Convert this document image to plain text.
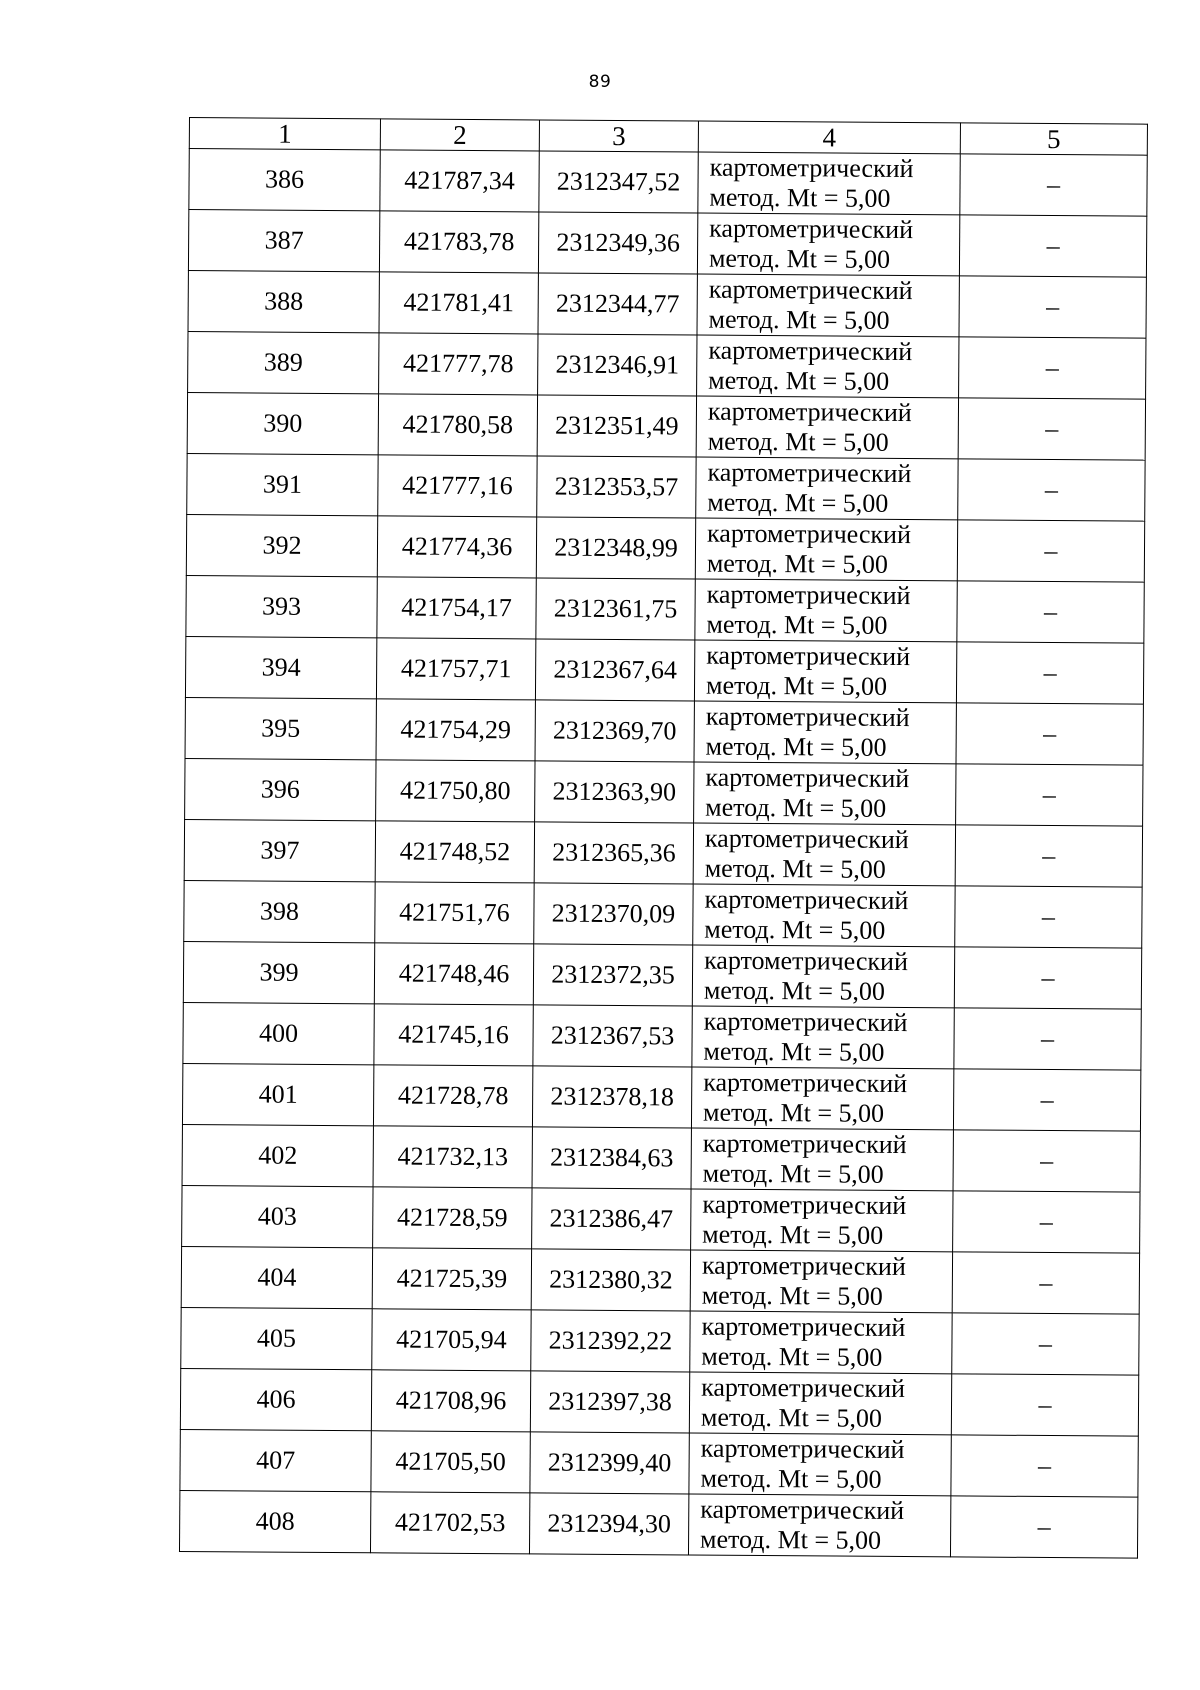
89
1	2	3	4	5
386	421787,34	2312347,52	картометрический
метод. Mt = 5,00	–
387	421783,78	2312349,36	картометрический
метод. Mt = 5,00	–
388	421781,41	2312344,77	картометрический
метод. Mt = 5,00	–
389	421777,78	2312346,91	картометрический
метод. Mt = 5,00	–
390	421780,58	2312351,49	картометрический
метод. Mt = 5,00	–
391	421777,16	2312353,57	картометрический
метод. Mt = 5,00	–
392	421774,36	2312348,99	картометрический
метод. Mt = 5,00	–
393	421754,17	2312361,75	картометрический
метод. Mt = 5,00	–
394	421757,71	2312367,64	картометрический
метод. Mt = 5,00	–
395	421754,29	2312369,70	картометрический
метод. Mt = 5,00	–
396	421750,80	2312363,90	картометрический
метод. Mt = 5,00	–
397	421748,52	2312365,36	картометрический
метод. Mt = 5,00	–
398	421751,76	2312370,09	картометрический
метод. Mt = 5,00	–
399	421748,46	2312372,35	картометрический
метод. Mt = 5,00	–
400	421745,16	2312367,53	картометрический
метод. Mt = 5,00	–
401	421728,78	2312378,18	картометрический
метод. Mt = 5,00	–
402	421732,13	2312384,63	картометрический
метод. Mt = 5,00	–
403	421728,59	2312386,47	картометрический
метод. Mt = 5,00	–
404	421725,39	2312380,32	картометрический
метод. Mt = 5,00	–
405	421705,94	2312392,22	картометрический
метод. Mt = 5,00	–
406	421708,96	2312397,38	картометрический
метод. Mt = 5,00	–
407	421705,50	2312399,40	картометрический
метод. Mt = 5,00	–
408	421702,53	2312394,30	картометрический
метод. Mt = 5,00	–
